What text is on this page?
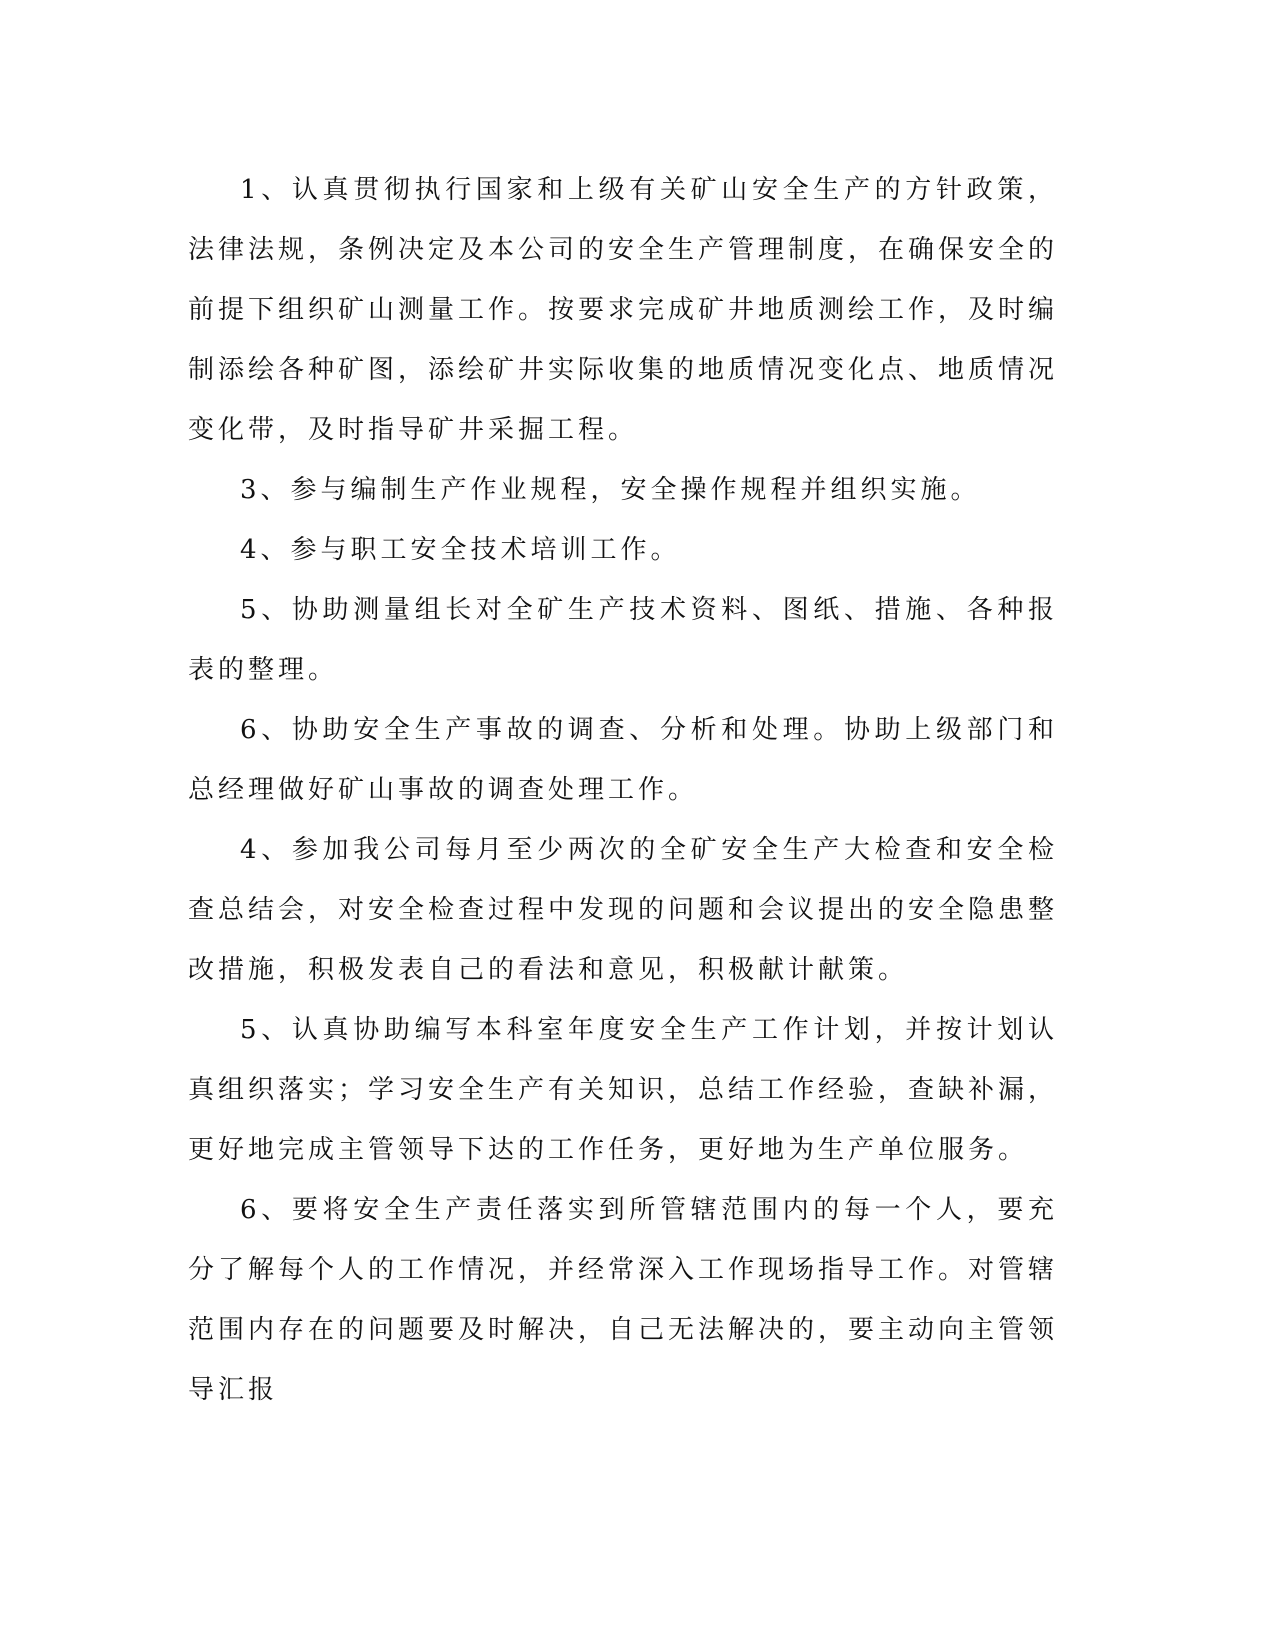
1、认真贯彻执行国家和上级有关矿山安全生产的方针政策，法律法规，条例决定及本公司的安全生产管理制度，在确保安全的前提下组织矿山测量工作。按要求完成矿井地质测绘工作，及时编制添绘各种矿图，添绘矿井实际收集的地质情况变化点、地质情况变化带，及时指导矿井采掘工程。

3、参与编制生产作业规程，安全操作规程并组织实施。

4、参与职工安全技术培训工作。

5、协助测量组长对全矿生产技术资料、图纸、措施、各种报表的整理。

6、协助安全生产事故的调查、分析和处理。协助上级部门和总经理做好矿山事故的调查处理工作。

4、参加我公司每月至少两次的全矿安全生产大检查和安全检查总结会，对安全检查过程中发现的问题和会议提出的安全隐患整改措施，积极发表自己的看法和意见，积极献计献策。

5、认真协助编写本科室年度安全生产工作计划，并按计划认真组织落实；学习安全生产有关知识，总结工作经验，查缺补漏，更好地完成主管领导下达的工作任务，更好地为生产单位服务。

6、要将安全生产责任落实到所管辖范围内的每一个人，要充分了解每个人的工作情况，并经常深入工作现场指导工作。对管辖范围内存在的问题要及时解决，自己无法解决的，要主动向主管领导汇报
